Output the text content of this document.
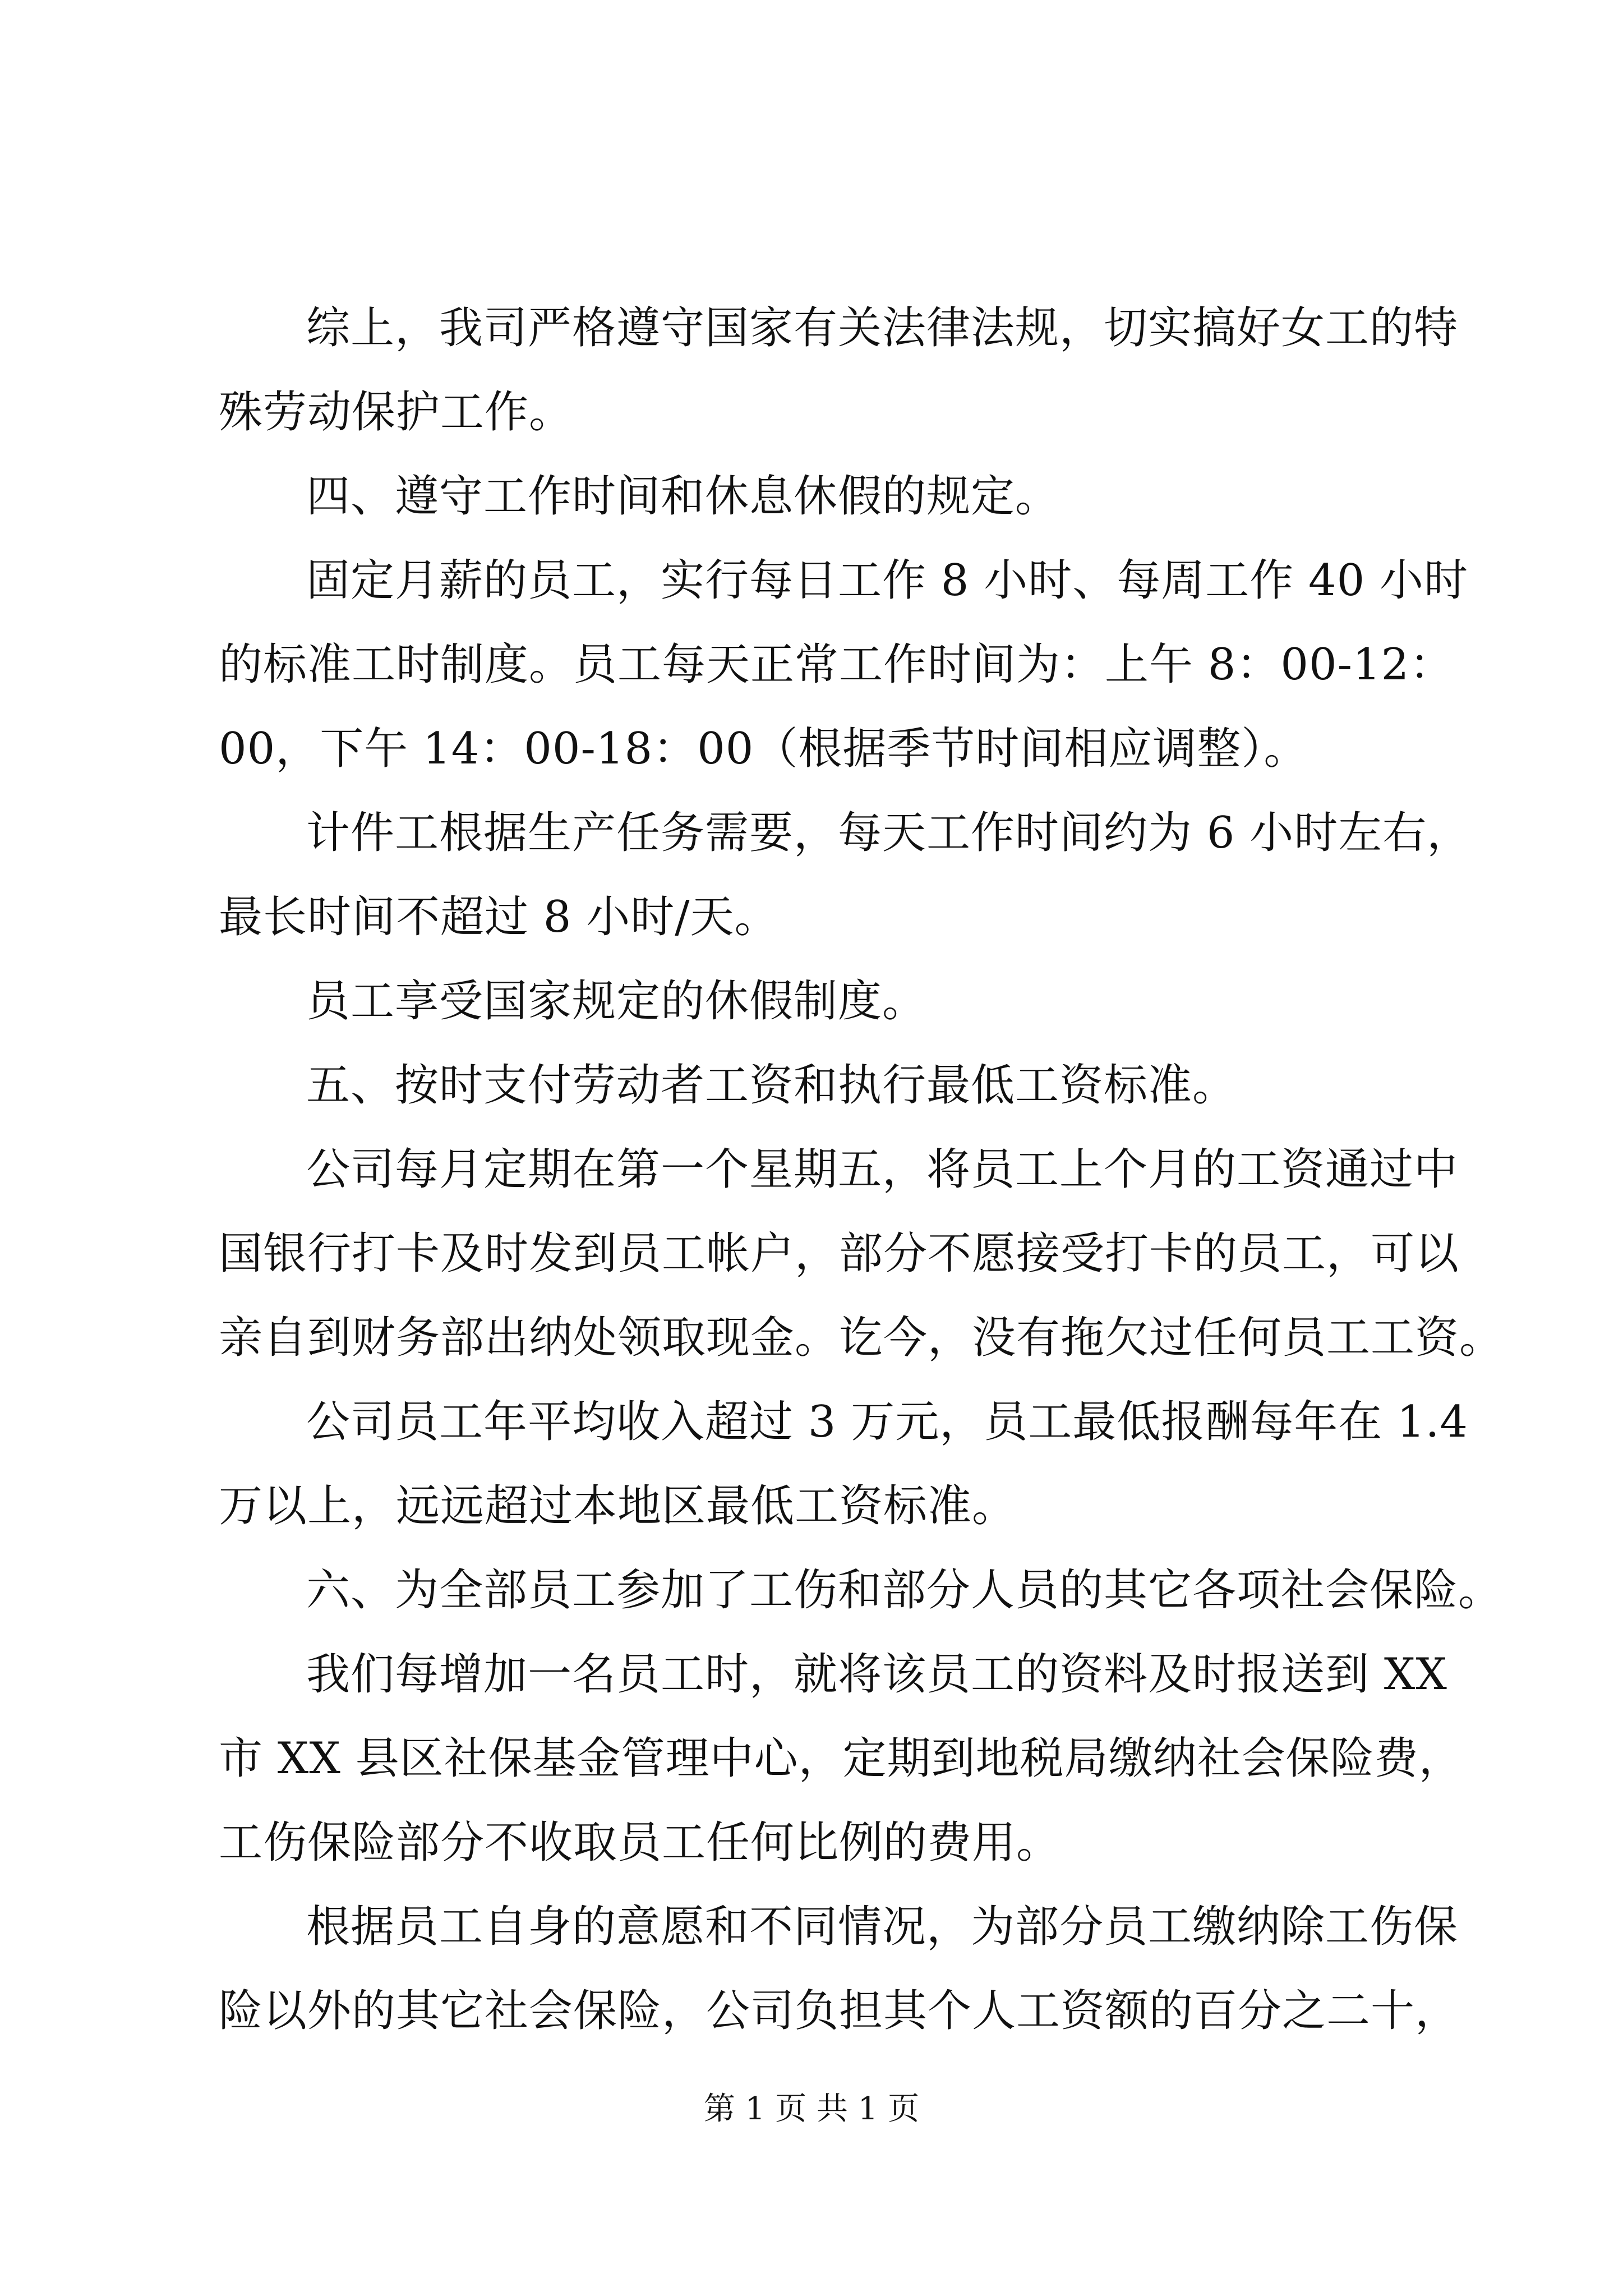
综上，我司严格遵守国家有关法律法规，切实搞好女工的特
殊劳动保护工作。
四、遵守工作时间和休息休假的规定。
固定月薪的员工，实行每日工作 8 小时、每周工作 40 小时
的标准工时制度。员工每天正常工作时间为：上午 8：00-12：
00，下午 14：00-18：00（根据季节时间相应调整）。
计件工根据生产任务需要，每天工作时间约为 6 小时左右，
最长时间不超过 8 小时/天。
员工享受国家规定的休假制度。
五、按时支付劳动者工资和执行最低工资标准。
公司每月定期在第一个星期五，将员工上个月的工资通过中
国银行打卡及时发到员工帐户，部分不愿接受打卡的员工，可以
亲自到财务部出纳处领取现金。讫今，没有拖欠过任何员工工资。
公司员工年平均收入超过 3 万元，员工最低报酬每年在 1.4
万以上，远远超过本地区最低工资标准。
六、为全部员工参加了工伤和部分人员的其它各项社会保险。
我们每增加一名员工时，就将该员工的资料及时报送到 XX
市 XX 县区社保基金管理中心，定期到地税局缴纳社会保险费，
工伤保险部分不收取员工任何比例的费用。
根据员工自身的意愿和不同情况，为部分员工缴纳除工伤保
险以外的其它社会保险，公司负担其个人工资额的百分之二十，
第 1 页 共 1 页
